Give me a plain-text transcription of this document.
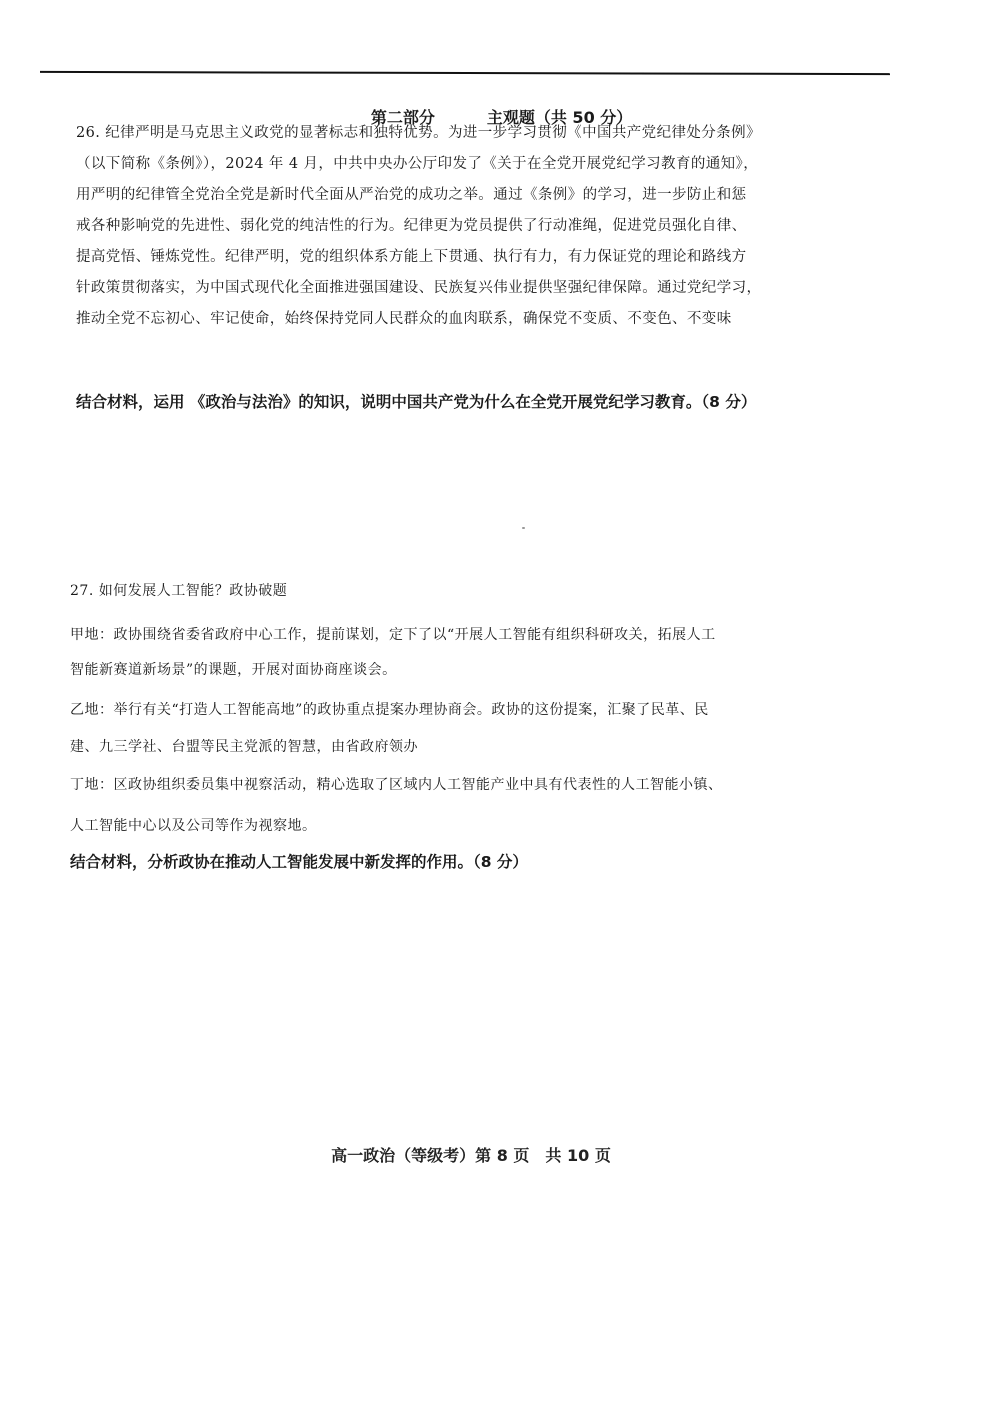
第二部分	主观题（共 50 分）

26. 纪律严明是马克思主义政党的显著标志和独特优势。为进一步学习贯彻《中国共产党纪律处分条例》
（以下简称《条例》），2024 年 4 月，中共中央办公厅印发了《关于在全党开展党纪学习教育的通知》，
用严明的纪律管全党治全党是新时代全面从严治党的成功之举。通过《条例》的学习，进一步防止和惩
戒各种影响党的先进性、弱化党的纯洁性的行为。纪律更为党员提供了行动准绳，促进党员强化自律、
提高党悟、锤炼党性。纪律严明，党的组织体系方能上下贯通、执行有力，有力保证党的理论和路线方
针政策贯彻落实，为中国式现代化全面推进强国建设、民族复兴伟业提供坚强纪律保障。通过党纪学习，
推动全党不忘初心、牢记使命，始终保持党同人民群众的血肉联系，确保党不变质、不变色、不变味
结合材料，运用 《政治与法治》的知识，说明中国共产党为什么在全党开展党纪学习教育。（8 分）
27. 如何发展人工智能？政协破题
甲地：政协围绕省委省政府中心工作，提前谋划，定下了以“开展人工智能有组织科研攻关，拓展人工
智能新赛道新场景”的课题，开展对面协商座谈会。
乙地：举行有关“打造人工智能高地”的政协重点提案办理协商会。政协的这份提案，汇聚了民革、民
建、九三学社、台盟等民主党派的智慧，由省政府领办
丁地：区政协组织委员集中视察活动，精心选取了区域内人工智能产业中具有代表性的人工智能小镇、
人工智能中心以及公司等作为视察地。
结合材料，分析政协在推动人工智能发展中新发挥的作用。（8 分）
高一政治（等级考）第 8 页　共 10 页
